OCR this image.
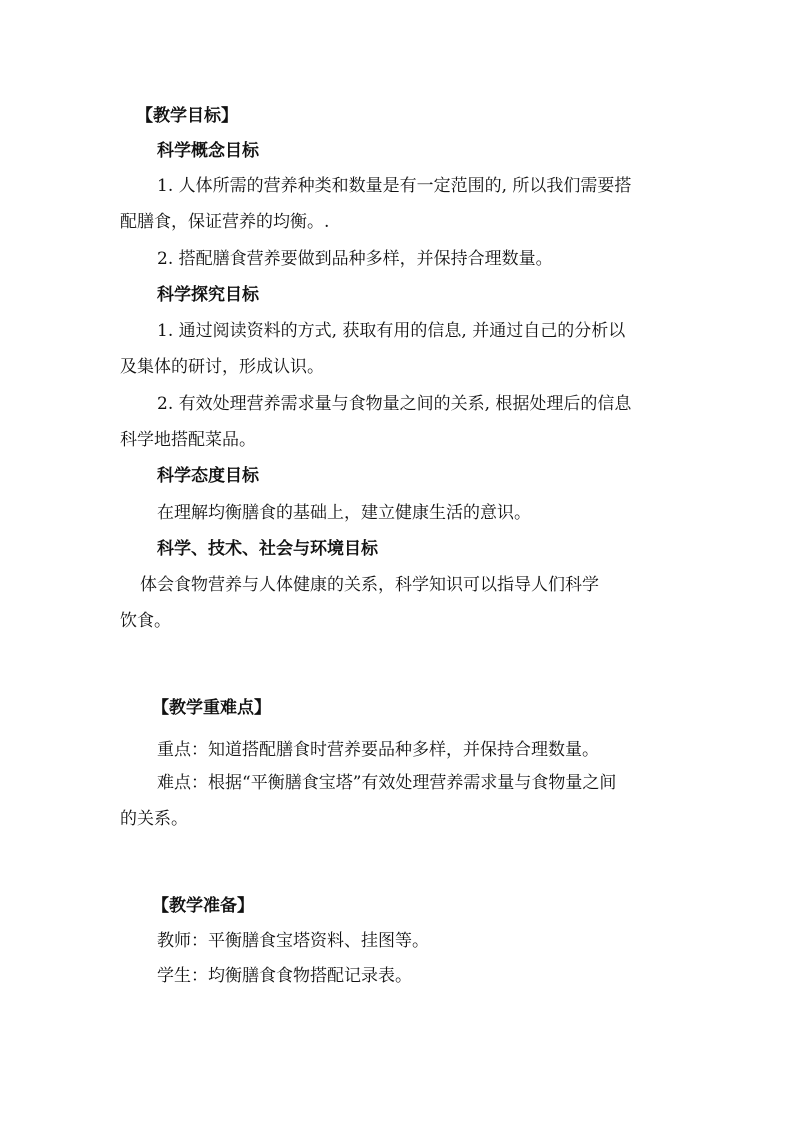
【教学目标】
科学概念目标
1. 人体所需的营养种类和数量是有一定范围的, 所以我们需要搭
配膳食，保证营养的均衡。.
2. 搭配膳食营养要做到品种多样，并保持合理数量。
科学探究目标
1. 通过阅读资料的方式, 获取有用的信息, 并通过自己的分析以
及集体的研讨，形成认识。
2. 有效处理营养需求量与食物量之间的关系, 根据处理后的信息
科学地搭配菜品。
科学态度目标
在理解均衡膳食的基础上，建立健康生活的意识。
科学、技术、社会与环境目标
体会食物营养与人体健康的关系，科学知识可以指导人们科学
饮食。
【教学重难点】
重点：知道搭配膳食时营养要品种多样，并保持合理数量。
难点：根据“平衡膳食宝塔”有效处理营养需求量与食物量之间
的关系。
【教学准备】
教师：平衡膳食宝塔资料、挂图等。
学生：均衡膳食食物搭配记录表。
